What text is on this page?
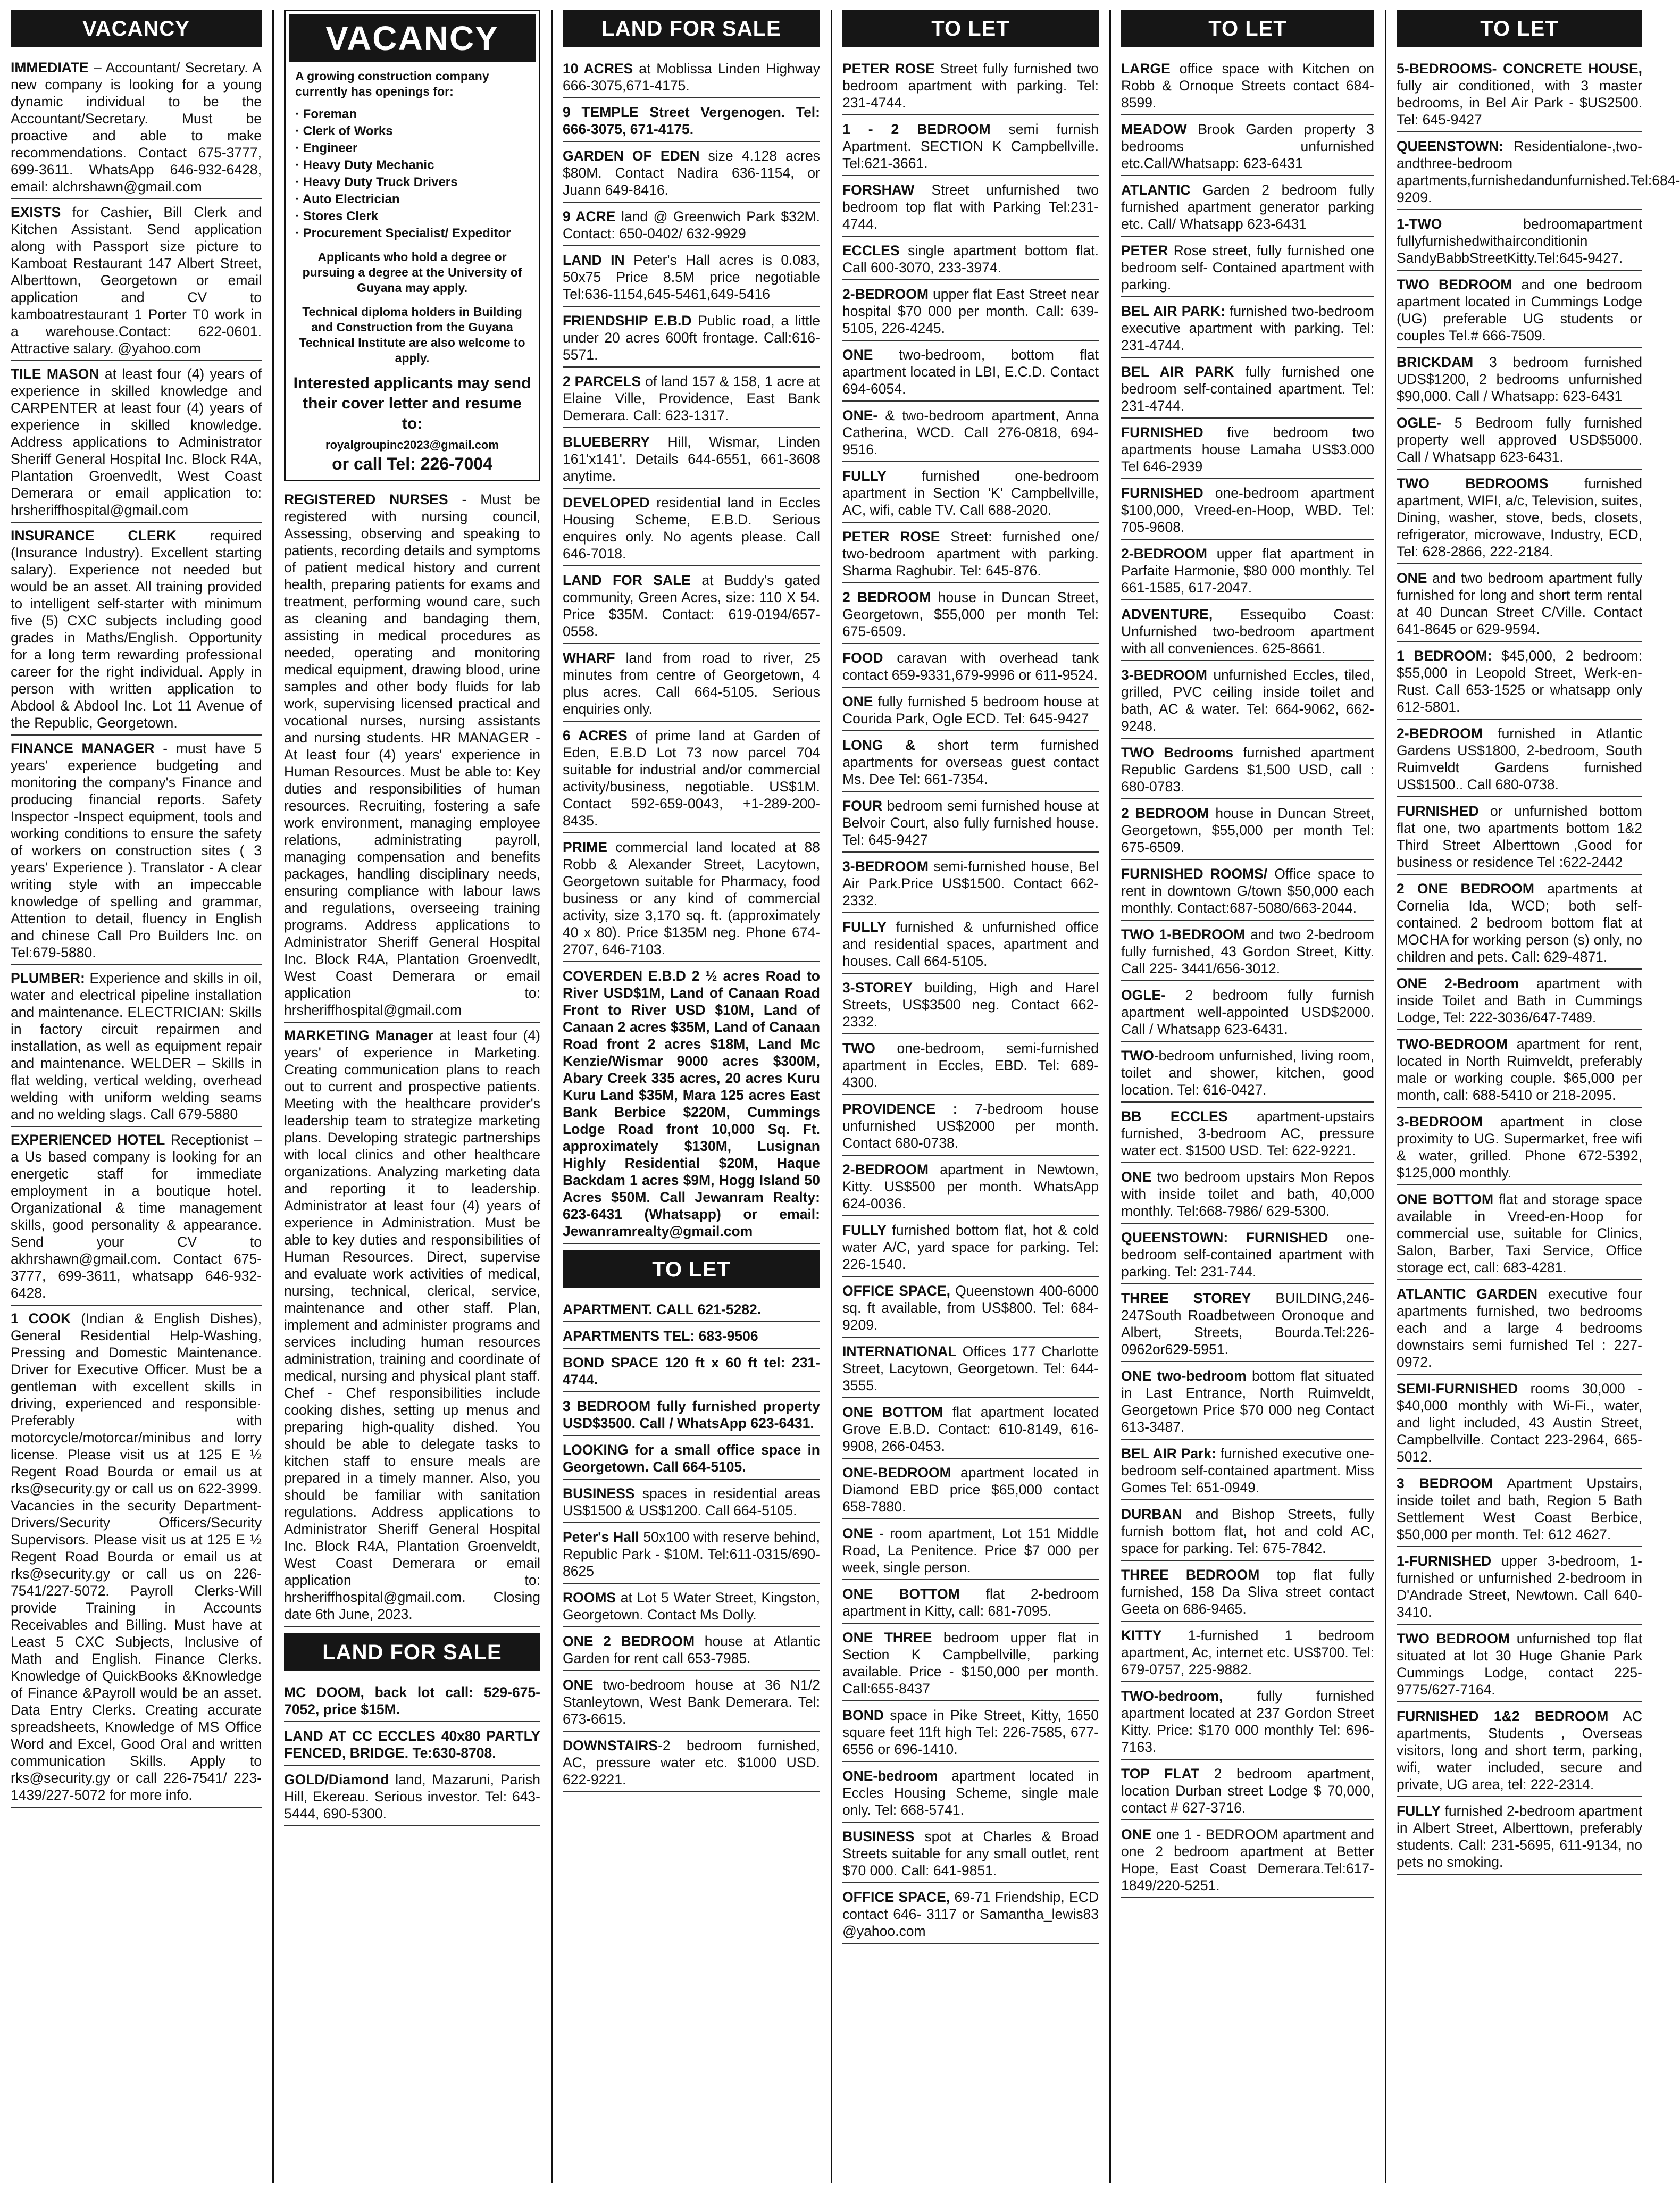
VACANCY
IMMEDIATE – Accountant/ Secretary. A new company is looking for a young dynamic individual to be the Accountant/Secretary. Must be proactive and able to make recommendations. Contact 675-3777, 699-3611. WhatsApp 646-932-6428, email: alchrshawn@gmail.com
EXISTS for Cashier, Bill Clerk and Kitchen Assistant. Send application along with Passport size picture to Kamboat Restaurant 147 Albert Street, Alberttown, Georgetown or email application and CV to kamboatrestaurant 1 Porter T0 work in a warehouse.Contact: 622-0601. Attractive salary. @yahoo.com
TILE MASON at least four (4) years of experience in skilled knowledge and CARPENTER at least four (4) years of experience in skilled knowledge. Address applications to Administrator Sheriff General Hospital Inc. Block R4A, Plantation Groenvedlt, West Coast Demerara or email application to: hrsheriffhospital@gmail.com
INSURANCE CLERK required (Insurance Industry). Excellent starting salary). Experience not needed but would be an asset. All training provided to intelligent self-starter with minimum five (5) CXC subjects including good grades in Maths/English. Opportunity for a long term rewarding professional career for the right individual. Apply in person with written application to Abdool & Abdool Inc. Lot 11 Avenue of the Republic, Georgetown.
FINANCE MANAGER - must have 5 years' experience budgeting and monitoring the company's Finance and producing financial reports. Safety Inspector -Inspect equipment, tools and working conditions to ensure the safety of workers on construction sites ( 3 years' Experience ). Translator - A clear writing style with an impeccable knowledge of spelling and grammar, Attention to detail, fluency in English and chinese Call Pro Builders Inc. on Tel:679-5880.
PLUMBER: Experience and skills in oil, water and electrical pipeline installation and maintenance. ELECTRICIAN: Skills in factory circuit repairmen and installation, as well as equipment repair and maintenance. WELDER – Skills in flat welding, vertical welding, overhead welding with uniform welding seams and no welding slags. Call 679-5880
EXPERIENCED HOTEL Receptionist – a Us based company is looking for an energetic staff for immediate employment in a boutique hotel. Organizational & time management skills, good personality & appearance. Send your CV to akhrshawn@gmail.com. Contact 675-3777, 699-3611, whatsapp 646-932-6428.
1 COOK (Indian & English Dishes), General Residential Help-Washing, Pressing and Domestic Maintenance. Driver for Executive Officer. Must be a gentleman with excellent skills in driving, experienced and responsible· Preferably with motorcycle/motorcar/minibus and lorry license. Please visit us at 125 E ½ Regent Road Bourda or email us at rks@security.gy or call us on 622-3999. Vacancies in the security Department- Drivers/Security Officers/Security Supervisors. Please visit us at 125 E ½ Regent Road Bourda or email us at rks@security.gy or call us on 226-7541/227-5072. Payroll Clerks-Will provide Training in Accounts Receivables and Billing. Must have at Least 5 CXC Subjects, Inclusive of Math and English. Finance Clerks. Knowledge of QuickBooks &Knowledge of Finance &Payroll would be an asset. Data Entry Clerks. Creating accurate spreadsheets, Knowledge of MS Office Word and Excel, Good Oral and written communication Skills. Apply to rks@security.gy or call 226-7541/ 223-1439/227-5072 for more info.
VACANCY
A growing construction company currently has openings for:
· Foreman
· Clerk of Works
· Engineer
· Heavy Duty Mechanic
· Heavy Duty Truck Drivers
· Auto Electrician
· Stores Clerk
· Procurement Specialist/ Expeditor
Applicants who hold a degree or pursuing a degree at the University of Guyana may apply.
Technical diploma holders in Building and Construction from the Guyana Technical Institute are also welcome to apply.
Interested applicants may send their cover letter and resume to:
royalgroupinc2023@gmail.com
or call Tel: 226-7004
REGISTERED NURSES - Must be registered with nursing council, Assessing, observing and speaking to patients, recording details and symptoms of patient medical history and current health, preparing patients for exams and treatment, performing wound care, such as cleaning and bandaging them, assisting in medical procedures as needed, operating and monitoring medical equipment, drawing blood, urine samples and other body fluids for lab work, supervising licensed practical and vocational nurses, nursing assistants and nursing students. HR MANAGER - At least four (4) years' experience in Human Resources. Must be able to: Key duties and responsibilities of human resources. Recruiting, fostering a safe work environment, managing employee relations, administrating payroll, managing compensation and benefits packages, handling disciplinary needs, ensuring compliance with labour laws and regulations, overseeing training programs. Address applications to Administrator Sheriff General Hospital Inc. Block R4A, Plantation Groenvedlt, West Coast Demerara or email application to: hrsheriffhospital@gmail.com
MARKETING Manager at least four (4) years' of experience in Marketing. Creating communication plans to reach out to current and prospective patients. Meeting with the healthcare provider's leadership team to strategize marketing plans. Developing strategic partnerships with local clinics and other healthcare organizations. Analyzing marketing data and reporting it to leadership. Administrator at least four (4) years of experience in Administration. Must be able to key duties and responsibilities of Human Resources. Direct, supervise and evaluate work activities of medical, nursing, technical, clerical, service, maintenance and other staff. Plan, implement and administer programs and services including human resources administration, training and coordinate of medical, nursing and physical plant staff. Chef - Chef responsibilities include cooking dishes, setting up menus and preparing high-quality dished. You should be able to delegate tasks to kitchen staff to ensure meals are prepared in a timely manner. Also, you should be familiar with sanitation regulations. Address applications to Administrator Sheriff General Hospital Inc. Block R4A, Plantation Groenveldt, West Coast Demerara or email application to: hrsheriffhospital@gmail.com. Closing date 6th June, 2023.
LAND FOR SALE
MC DOOM, back lot call: 529-675-7052, price $15M.
LAND AT CC ECCLES 40x80 PARTLY FENCED, BRIDGE. Te:630-8708.
GOLD/Diamond land, Mazaruni, Parish Hill, Ekereau. Serious investor. Tel: 643-5444, 690-5300.
LAND FOR SALE
10 ACRES at Moblissa Linden Highway 666-3075,671-4175.
9 TEMPLE Street Vergenogen. Tel: 666-3075, 671-4175.
GARDEN OF EDEN size 4.128 acres $80M. Contact Nadira 636-1154, or Juann 649-8416.
9 ACRE land @ Greenwich Park $32M. Contact: 650-0402/ 632-9929
LAND IN Peter's Hall acres is 0.083, 50x75 Price 8.5M price negotiable Tel:636-1154,645-5461,649-5416
FRIENDSHIP E.B.D Public road, a little under 20 acres 600ft frontage. Call:616-5571.
2 PARCELS of land 157 & 158, 1 acre at Elaine Ville, Providence, East Bank Demerara. Call: 623-1317.
BLUEBERRY Hill, Wismar, Linden 161'x141'. Details 644-6551, 661-3608 anytime.
DEVELOPED residential land in Eccles Housing Scheme, E.B.D. Serious enquires only. No agents please. Call 646-7018.
LAND FOR SALE at Buddy's gated community, Green Acres, size: 110 X 54. Price $35M. Contact: 619-0194/657-0558.
WHARF land from road to river, 25 minutes from centre of Georgetown, 4 plus acres. Call 664-5105. Serious enquiries only.
6 ACRES of prime land at Garden of Eden, E.B.D Lot 73 now parcel 704 suitable for industrial and/or commercial activity/business, negotiable. US$1M. Contact 592-659-0043, +1-289-200-8435.
PRIME commercial land located at 88 Robb & Alexander Street, Lacytown, Georgetown suitable for Pharmacy, food business or any kind of commercial activity, size 3,170 sq. ft. (approximately 40 x 80). Price $135M neg. Phone 674-2707, 646-7103.
COVERDEN E.B.D 2 ½ acres Road to River USD$1M, Land of Canaan Road Front to River USD $10M, Land of Canaan 2 acres $35M, Land of Canaan Road front 2 acres $18M, Land Mc Kenzie/Wismar 9000 acres $300M, Abary Creek 335 acres, 20 acres Kuru Kuru Land $35M, Mara 125 acres East Bank Berbice $220M, Cummings Lodge Road front 10,000 Sq. Ft. approximately $130M, Lusignan Highly Residential $20M, Haque Backdam 1 acres $9M, Hogg Island 50 Acres $50M. Call Jewanram Realty: 623-6431 (Whatsapp) or email: Jewanramrealty@gmail.com
TO LET
APARTMENT. CALL 621-5282.
APARTMENTS TEL: 683-9506
BOND SPACE 120 ft x 60 ft tel: 231-4744.
3 BEDROOM fully furnished property USD$3500. Call / WhatsApp 623-6431.
LOOKING for a small office space in Georgetown. Call 664-5105.
BUSINESS spaces in residential areas US$1500 & US$1200. Call 664-5105.
Peter's Hall 50x100 with reserve behind, Republic Park - $10M. Tel:611-0315/690-8625
ROOMS at Lot 5 Water Street, Kingston, Georgetown. Contact Ms Dolly.
ONE 2 BEDROOM house at Atlantic Garden for rent call 653-7985.
ONE two-bedroom house at 36 N1/2 Stanleytown, West Bank Demerara. Tel: 673-6615.
DOWNSTAIRS-2 bedroom furnished, AC, pressure water etc. $1000 USD. 622-9221.
TO LET
PETER ROSE Street fully furnished two bedroom apartment with parking. Tel: 231-4744.
1 - 2 BEDROOM semi furnish Apartment. SECTION K Campbellville. Tel:621-3661.
FORSHAW Street unfurnished two bedroom top flat with Parking Tel:231-4744.
ECCLES single apartment bottom flat. Call 600-3070, 233-3974.
2-BEDROOM upper flat East Street near hospital $70 000 per month. Call: 639-5105, 226-4245.
ONE two-bedroom, bottom flat apartment located in LBI, E.C.D. Contact 694-6054.
ONE- & two-bedroom apartment, Anna Catherina, WCD. Call 276-0818, 694-9516.
FULLY furnished one-bedroom apartment in Section 'K' Campbellville, AC, wifi, cable TV. Call 688-2020.
PETER ROSE Street: furnished one/ two-bedroom apartment with parking. Sharma Raghubir. Tel: 645-876.
2 BEDROOM house in Duncan Street, Georgetown, $55,000 per month Tel: 675-6509.
FOOD caravan with overhead tank contact 659-9331,679-9996 or 611-9524.
ONE fully furnished 5 bedroom house at Courida Park, Ogle ECD. Tel: 645-9427
LONG & short term furnished apartments for overseas guest contact Ms. Dee Tel: 661-7354.
FOUR bedroom semi furnished house at Belvoir Court, also fully furnished house. Tel: 645-9427
3-BEDROOM semi-furnished house, Bel Air Park.Price US$1500. Contact 662-2332.
FULLY furnished & unfurnished office and residential spaces, apartment and houses. Call 664-5105.
3-STOREY building, High and Harel Streets, US$3500 neg. Contact 662-2332.
TWO one-bedroom, semi-furnished apartment in Eccles, EBD. Tel: 689-4300.
PROVIDENCE : 7-bedroom house unfurnished US$2000 per month. Contact 680-0738.
2-BEDROOM apartment in Newtown, Kitty. US$500 per month. WhatsApp 624-0036.
FULLY furnished bottom flat, hot & cold water A/C, yard space for parking. Tel: 226-1540.
OFFICE SPACE, Queenstown 400-6000 sq. ft available, from US$800. Tel: 684-9209.
INTERNATIONAL Offices 177 Charlotte Street, Lacytown, Georgetown. Tel: 644-3555.
ONE BOTTOM flat apartment located Grove E.B.D. Contact: 610-8149, 616-9908, 266-0453.
ONE-BEDROOM apartment located in Diamond EBD price $65,000 contact 658-7880.
ONE - room apartment, Lot 151 Middle Road, La Penitence. Price $7 000 per week, single person.
ONE BOTTOM flat 2-bedroom apartment in Kitty, call: 681-7095.
ONE THREE bedroom upper flat in Section K Campbellville, parking available. Price - $150,000 per month. Call:655-8437
BOND space in Pike Street, Kitty, 1650 square feet 11ft high Tel: 226-7585, 677-6556 or 696-1410.
ONE-bedroom apartment located in Eccles Housing Scheme, single male only. Tel: 668-5741.
BUSINESS spot at Charles & Broad Streets suitable for any small outlet, rent $70 000. Call: 641-9851.
OFFICE SPACE, 69-71 Friendship, ECD contact 646- 3117 or Samantha_lewis83 @yahoo.com
TO LET
LARGE office space with Kitchen on Robb & Ornoque Streets contact 684-8599.
MEADOW Brook Garden property 3 bedrooms unfurnished etc.Call/Whatsapp: 623-6431
ATLANTIC Garden 2 bedroom fully furnished apartment generator parking etc. Call/ Whatsapp 623-6431
PETER Rose street, fully furnished one bedroom self- Contained apartment with parking.
BEL AIR PARK: furnished two-bedroom executive apartment with parking. Tel: 231-4744.
BEL AIR PARK fully furnished one bedroom self-contained apartment. Tel: 231-4744.
FURNISHED five bedroom two apartments house Lamaha US$3.000 Tel 646-2939
FURNISHED one-bedroom apartment $100,000, Vreed-en-Hoop, WBD. Tel: 705-9608.
2-BEDROOM upper flat apartment in Parfaite Harmonie, $80 000 monthly. Tel 661-1585, 617-2047.
ADVENTURE, Essequibo Coast: Unfurnished two-bedroom apartment with all conveniences. 625-8661.
3-BEDROOM unfurnished Eccles, tiled, grilled, PVC ceiling inside toilet and bath, AC & water. Tel: 664-9062, 662-9248.
TWO Bedrooms furnished apartment Republic Gardens $1,500 USD, call : 680-0783.
2 BEDROOM house in Duncan Street, Georgetown, $55,000 per month Tel: 675-6509.
FURNISHED ROOMS/ Office space to rent in downtown G/town $50,000 each monthly. Contact:687-5080/663-2044.
TWO 1-BEDROOM and two 2-bedroom fully furnished, 43 Gordon Street, Kitty. Call 225- 3441/656-3012.
OGLE- 2 bedroom fully furnish apartment well-appointed USD$2000. Call / Whatsapp 623-6431.
TWO-bedroom unfurnished, living room, toilet and shower, kitchen, good location. Tel: 616-0427.
BB ECCLES apartment-upstairs furnished, 3-bedroom AC, pressure water ect. $1500 USD. Tel: 622-9221.
ONE two bedroom upstairs Mon Repos with inside toilet and bath, 40,000 monthly. Tel:668-7986/ 629-5300.
QUEENSTOWN: FURNISHED one-bedroom self-contained apartment with parking. Tel: 231-744.
THREE STOREY BUILDING,246-247South Roadbetween Oronoque and Albert, Streets, Bourda.Tel:226-0962or629-5951.
ONE two-bedroom bottom flat situated in Last Entrance, North Ruimveldt, Georgetown Price $70 000 neg Contact 613-3487.
BEL AIR Park: furnished executive one-bedroom self-contained apartment. Miss Gomes Tel: 651-0949.
DURBAN and Bishop Streets, fully furnish bottom flat, hot and cold AC, space for parking. Tel: 675-7842.
THREE BEDROOM top flat fully furnished, 158 Da Sliva street contact Geeta on 686-9465.
KITTY 1-furnished 1 bedroom apartment, Ac, internet etc. US$700. Tel: 679-0757, 225-9882.
TWO-bedroom, fully furnished apartment located at 237 Gordon Street Kitty. Price: $170 000 monthly Tel: 696-7163.
TOP FLAT 2 bedroom apartment, location Durban street Lodge $ 70,000, contact # 627-3716.
ONE one 1 - BEDROOM apartment and one 2 bedroom apartment at Better Hope, East Coast Demerara.Tel:617-1849/220-5251.
TO LET
5-BEDROOMS- CONCRETE HOUSE, fully air conditioned, with 3 master bedrooms, in Bel Air Park - $US2500. Tel: 645-9427
QUEENSTOWN: Residentialone-,two-andthree-bedroom apartments,furnishedandunfurnished.Tel:684-9209.
1-TWO bedroomapartment fullyfurnishedwithairconditionin SandyBabbStreetKitty.Tel:645-9427.
TWO BEDROOM and one bedroom apartment located in Cummings Lodge (UG) preferable UG students or couples Tel.# 666-7509.
BRICKDAM 3 bedroom furnished UDS$1200, 2 bedrooms unfurnished $90,000. Call / Whatsapp: 623-6431
OGLE- 5 Bedroom fully furnished property well approved USD$5000. Call / Whatsapp 623-6431.
TWO BEDROOMS furnished apartment, WIFI, a/c, Television, suites, Dining, washer, stove, beds, closets, refrigerator, microwave, Industry, ECD, Tel: 628-2866, 222-2184.
ONE and two bedroom apartment fully furnished for long and short term rental at 40 Duncan Street C/Ville. Contact 641-8645 or 629-9594.
1 BEDROOM: $45,000, 2 bedroom: $55,000 in Leopold Street, Werk-en-Rust. Call 653-1525 or whatsapp only 612-5801.
2-BEDROOM furnished in Atlantic Gardens US$1800, 2-bedroom, South Ruimveldt Gardens furnished US$1500.. Call 680-0738.
FURNISHED or unfurnished bottom flat one, two apartments bottom 1&2 Third Street Alberttown ,Good for business or residence Tel :622-2442
2 ONE BEDROOM apartments at Cornelia Ida, WCD; both self-contained. 2 bedroom bottom flat at MOCHA for working person (s) only, no children and pets. Call: 629-4871.
ONE 2-Bedroom apartment with inside Toilet and Bath in Cummings Lodge, Tel: 222-3036/647-7489.
TWO-BEDROOM apartment for rent, located in North Ruimveldt, preferably male or working couple. $65,000 per month, call: 688-5410 or 218-2095.
3-BEDROOM apartment in close proximity to UG. Supermarket, free wifi & water, grilled. Phone 672-5392, $125,000 monthly.
ONE BOTTOM flat and storage space available in Vreed-en-Hoop for commercial use, suitable for Clinics, Salon, Barber, Taxi Service, Office storage ect, call: 683-4281.
ATLANTIC GARDEN executive four apartments furnished, two bedrooms each and a large 4 bedrooms downstairs semi furnished Tel : 227-0972.
SEMI-FURNISHED rooms 30,000 - $40,000 monthly with Wi-Fi., water, and light included, 43 Austin Street, Campbellville. Contact 223-2964, 665-5012.
3 BEDROOM Apartment Upstairs, inside toilet and bath, Region 5 Bath Settlement West Coast Berbice, $50,000 per month. Tel: 612 4627.
1-FURNISHED upper 3-bedroom, 1-furnished or unfurnished 2-bedroom in D'Andrade Street, Newtown. Call 640-3410.
TWO BEDROOM unfurnished top flat situated at lot 30 Huge Ghanie Park Cummings Lodge, contact 225-9775/627-7164.
FURNISHED 1&2 BEDROOM AC apartments, Students , Overseas visitors, long and short term, parking, wifi, water included, secure and private, UG area, tel: 222-2314.
FULLY furnished 2-bedroom apartment in Albert Street, Alberttown, preferably students. Call: 231-5695, 611-9134, no pets no smoking.
